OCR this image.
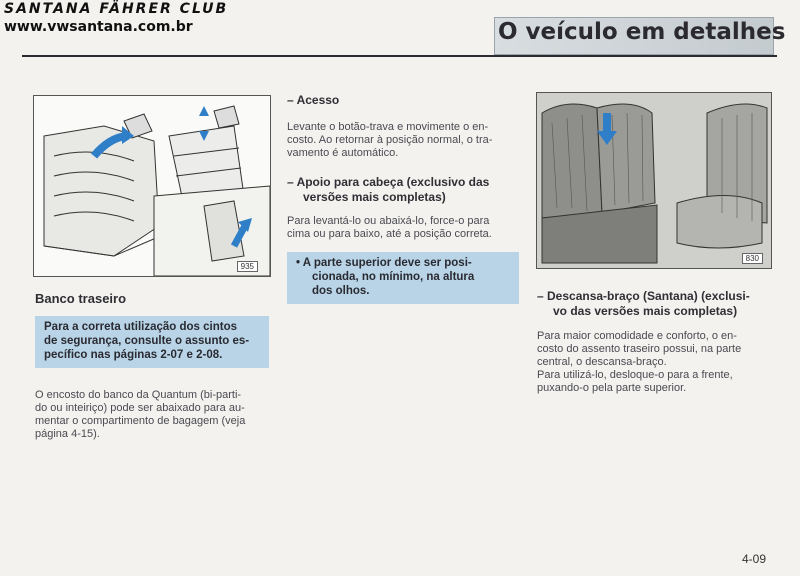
SANTANA FÄHRER CLUB
www.vwsantana.com.br	O veículo em detalhes
935
830
Banco traseiro
Para a correta utilização dos cintos
de segurança, consulte o assunto es-
pecífico nas páginas 2-07 e 2-08.
O encosto do banco da Quantum (bi-parti-
do ou inteiriço) pode ser abaixado para au-
mentar o compartimento de bagagem (veja
página 4-15).
– Acesso
Levante o botão-trava e movimente o en-
costo. Ao retornar à posição normal, o tra-
vamento é automático.
– Apoio para cabeça (exclusivo das
versões mais completas)
Para levantá-lo ou abaixá-lo, force-o para
cima ou para baixo, até a posição correta.
• A parte superior deve ser posi-
cionada, no mínimo, na altura
dos olhos.	– Descansa-braço (Santana) (exclusi-
vo das versões mais completas)
Para maior comodidade e conforto, o en-
costo do assento traseiro possui, na parte
central, o descansa-braço.
Para utilizá-lo, desloque-o para a frente,
puxando-o pela parte superior.
4-09
